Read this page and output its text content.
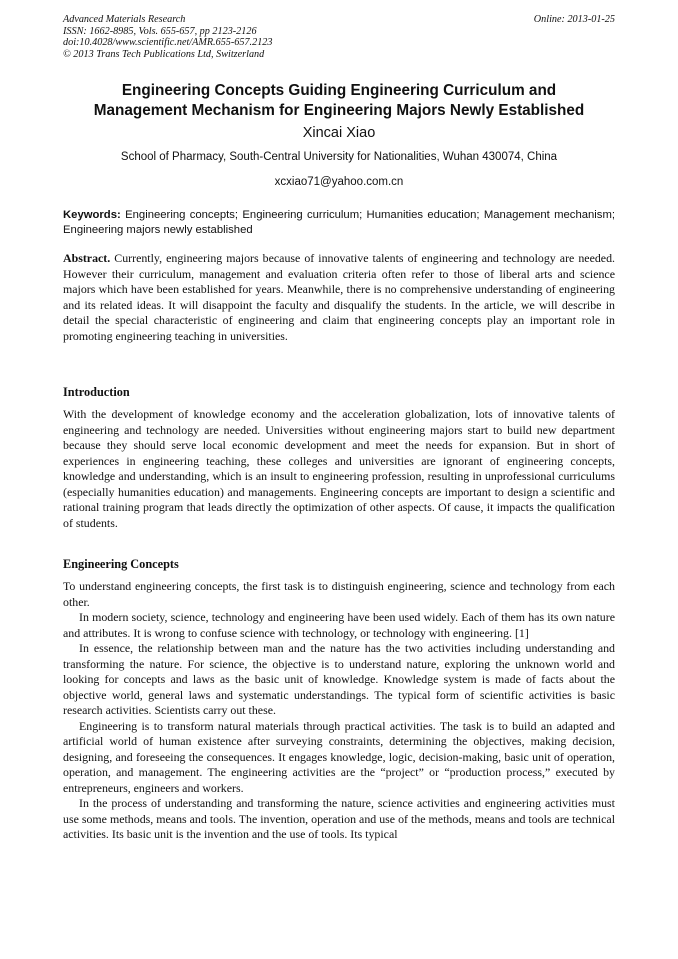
Advanced Materials Research
ISSN: 1662-8985, Vols. 655-657, pp 2123-2126
doi:10.4028/www.scientific.net/AMR.655-657.2123
© 2013 Trans Tech Publications Ltd, Switzerland
Online: 2013-01-25
Engineering Concepts Guiding Engineering Curriculum and
Management Mechanism for Engineering Majors Newly Established
Xincai Xiao
School of Pharmacy, South-Central University for Nationalities, Wuhan 430074, China
xcxiao71@yahoo.com.cn
Keywords: Engineering concepts; Engineering curriculum; Humanities education; Management mechanism; Engineering majors newly established

Abstract. Currently, engineering majors because of innovative talents of engineering and technology are needed. However their curriculum, management and evaluation criteria often refer to those of liberal arts and science majors which have been established for years. Meanwhile, there is no comprehensive understanding of engineering and its related ideas. It will disappoint the faculty and disqualify the students. In the article, we will describe in detail the special characteristic of engineering and claim that engineering concepts play an important role in promoting engineering teaching in universities.

Introduction

With the development of knowledge economy and the acceleration globalization, lots of innovative talents of engineering and technology are needed. Universities without engineering majors start to build new department because they should serve local economic development and meet the needs for expansion. But in short of experiences in engineering teaching, these colleges and universities are ignorant of engineering concepts, knowledge and understanding, which is an insult to engineering profession, resulting in unprofessional curriculums (especially humanities education) and managements. Engineering concepts are important to design a scientific and rational training program that leads directly the optimization of other aspects. Of cause, it impacts the qualification of students.

Engineering Concepts

To understand engineering concepts, the first task is to distinguish engineering, science and technology from each other.

In modern society, science, technology and engineering have been used widely. Each of them has its own nature and attributes. It is wrong to confuse science with technology, or technology with engineering. [1]

In essence, the relationship between man and the nature has the two activities including understanding and transforming the nature. For science, the objective is to understand nature, exploring the unknown world and looking for concepts and laws as the basic unit of knowledge. Knowledge system is made of facts about the objective world, general laws and systematic understandings. The typical form of scientific activities is basic research activities. Scientists carry out these.

Engineering is to transform natural materials through practical activities. The task is to build an adapted and artificial world of human existence after surveying constraints, determining the objectives, making decision, designing, and foreseeing the consequences. It engages knowledge, logic, decision-making, basic unit of operation, operation, and management. The engineering activities are the “project” or “production process,” executed by entrepreneurs, engineers and workers.

In the process of understanding and transforming the nature, science activities and engineering activities must use some methods, means and tools. The invention, operation and use of the methods, means and tools are technical activities. Its basic unit is the invention and the use of tools. Its typical
